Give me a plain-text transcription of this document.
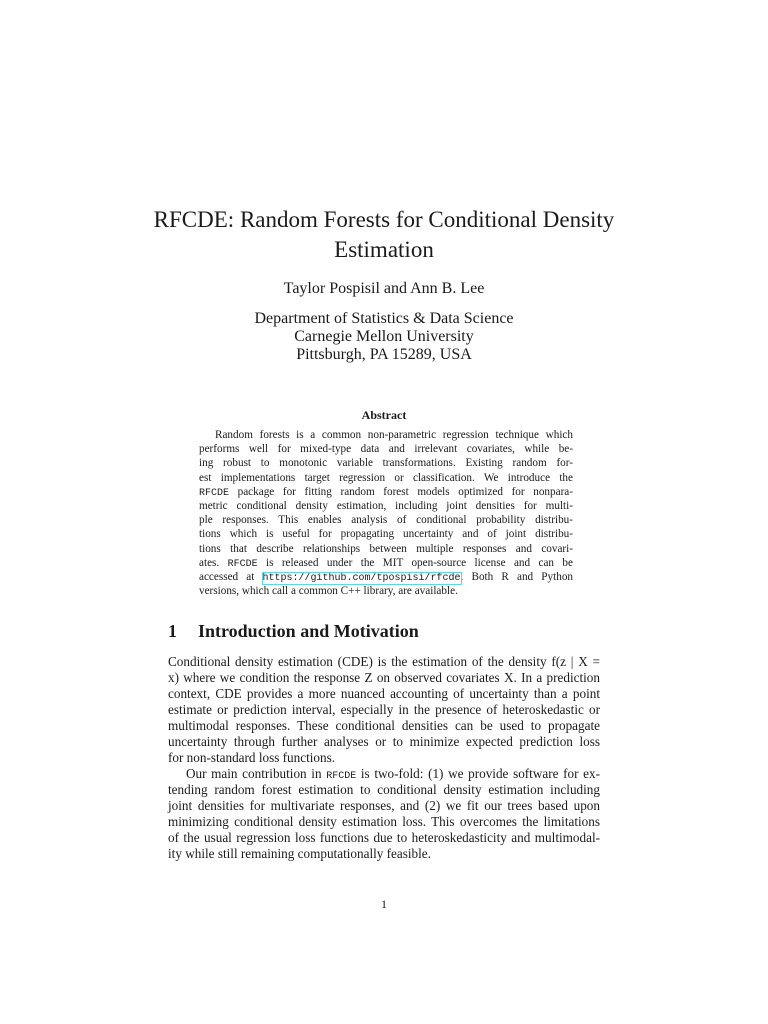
RFCDE: Random Forests for Conditional Density
Estimation
Taylor Pospisil and Ann B. Lee
Department of Statistics & Data Science
Carnegie Mellon University
Pittsburgh, PA 15289, USA
Abstract
Random forests is a common non-parametric regression technique which
performs well for mixed-type data and irrelevant covariates, while be-
ing robust to monotonic variable transformations. Existing random for-
est implementations target regression or classification. We introduce the
RFCDE package for fitting random forest models optimized for nonpara-
metric conditional density estimation, including joint densities for multi-
ple responses. This enables analysis of conditional probability distribu-
tions which is useful for propagating uncertainty and of joint distribu-
tions that describe relationships between multiple responses and covari-
ates. RFCDE is released under the MIT open-source license and can be
accessed at https://github.com/tpospisi/rfcde. Both R and Python
versions, which call a common C++ library, are available.
1 Introduction and Motivation
Conditional density estimation (CDE) is the estimation of the density f(z | X =
x) where we condition the response Z on observed covariates X. In a prediction
context, CDE provides a more nuanced accounting of uncertainty than a point
estimate or prediction interval, especially in the presence of heteroskedastic or
multimodal responses. These conditional densities can be used to propagate
uncertainty through further analyses or to minimize expected prediction loss
for non-standard loss functions.
Our main contribution in RFCDE is two-fold: (1) we provide software for ex-
tending random forest estimation to conditional density estimation including
joint densities for multivariate responses, and (2) we fit our trees based upon
minimizing conditional density estimation loss. This overcomes the limitations
of the usual regression loss functions due to heteroskedasticity and multimodal-
ity while still remaining computationally feasible.
1
